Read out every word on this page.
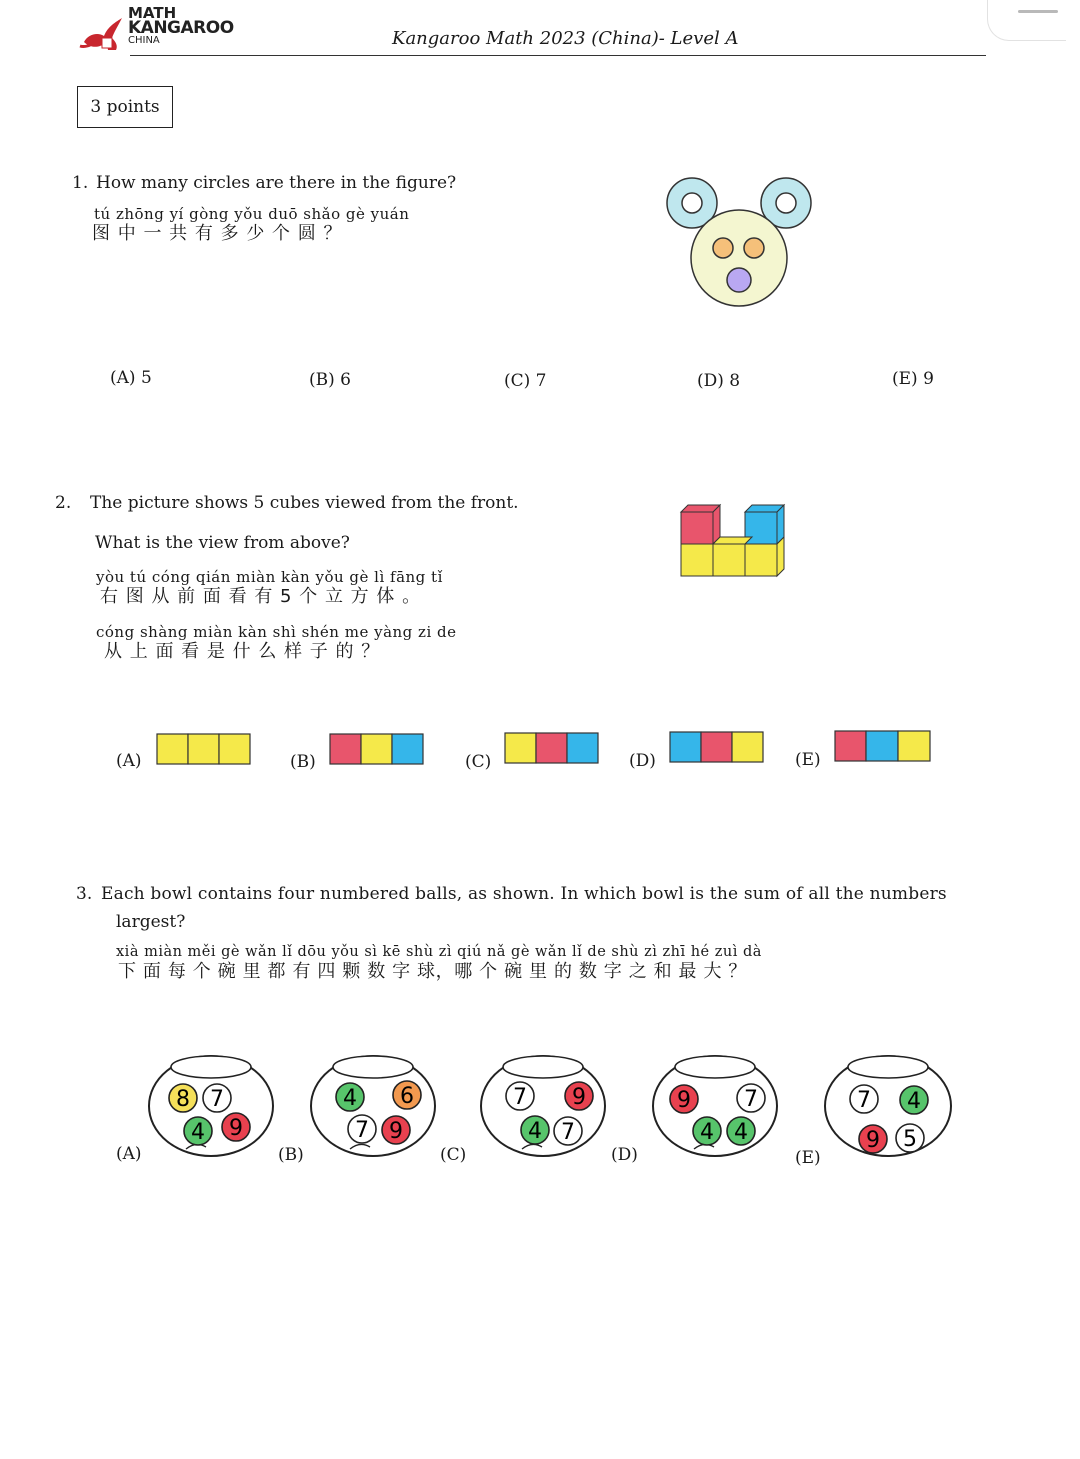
MATH
KANGAROO
CHINA	Kangaroo Math 2023 (China)- Level A
3 points
1. How many circles are there in the figure?
tú zhōng yí gòng yǒu duō shǎo gè yuán
图 中 一 共 有 多 少 个 圆 ？
(A) 5	(B) 6	(C) 7	(D) 8	(E) 9
2. The picture shows 5 cubes viewed from the front.
What is the view from above?
yòu tú cóng qián miàn kàn yǒu gè lì fāng tǐ
右 图 从 前 面 看 有 5 个 立 方 体 。
cóng shàng miàn kàn shì shén me yàng zi de
从 上 面 看 是 什 么 样 子 的 ？
(A)	(B)	(C)	(D)	(E)
3. Each bowl contains four numbered balls, as shown. In which bowl is the sum of all the numbers
largest?
xià miàn měi gè wǎn lǐ dōu yǒu sì kē shù zì qiú nǎ gè wǎn lǐ de shù zì zhī hé zuì dà
下 面 每 个 碗 里 都 有 四 颗 数 字 球，哪 个 碗 里 的 数 字 之 和 最 大 ？
(A)
8 7
4 9
(B)
4 6
7 9
(C)
7 9
4 7
(D)
9 7
4 4
(E)
7 4
9 5
